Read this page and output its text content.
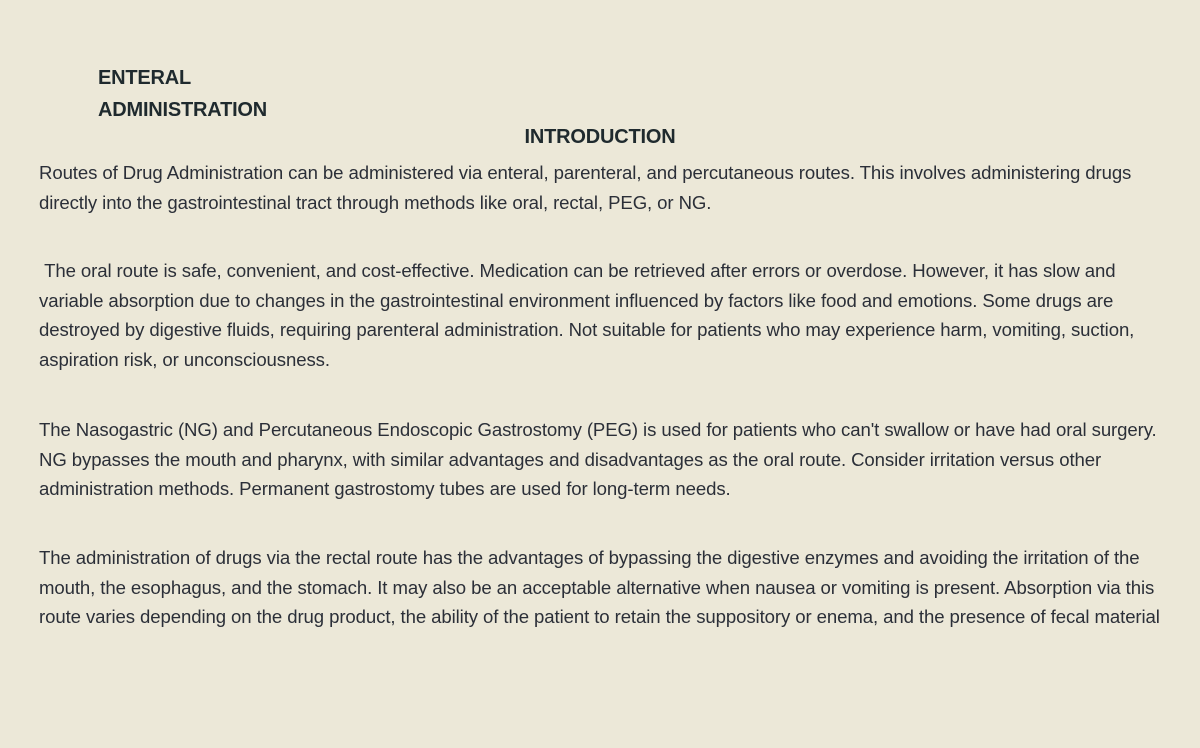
ENTERAL
ADMINISTRATION
INTRODUCTION

Routes of Drug Administration can be administered via enteral, parenteral, and percutaneous routes. This involves administering drugs directly into the gastrointestinal tract through methods like oral, rectal, PEG, or NG.

The oral route is safe, convenient, and cost-effective. Medication can be retrieved after errors or overdose. However, it has slow and variable absorption due to changes in the gastrointestinal environment influenced by factors like food and emotions. Some drugs are destroyed by digestive fluids, requiring parenteral administration. Not suitable for patients who may experience harm, vomiting, suction, aspiration risk, or unconsciousness.

The Nasogastric (NG) and Percutaneous Endoscopic Gastrostomy (PEG) is used for patients who can't swallow or have had oral surgery. NG bypasses the mouth and pharynx, with similar advantages and disadvantages as the oral route. Consider irritation versus other administration methods. Permanent gastrostomy tubes are used for long-term needs.

The administration of drugs via the rectal route has the advantages of bypassing the digestive enzymes and avoiding the irritation of the mouth, the esophagus, and the stomach. It may also be an acceptable alternative when nausea or vomiting is present. Absorption via this route varies depending on the drug product, the ability of the patient to retain the suppository or enema, and the presence of fecal material
